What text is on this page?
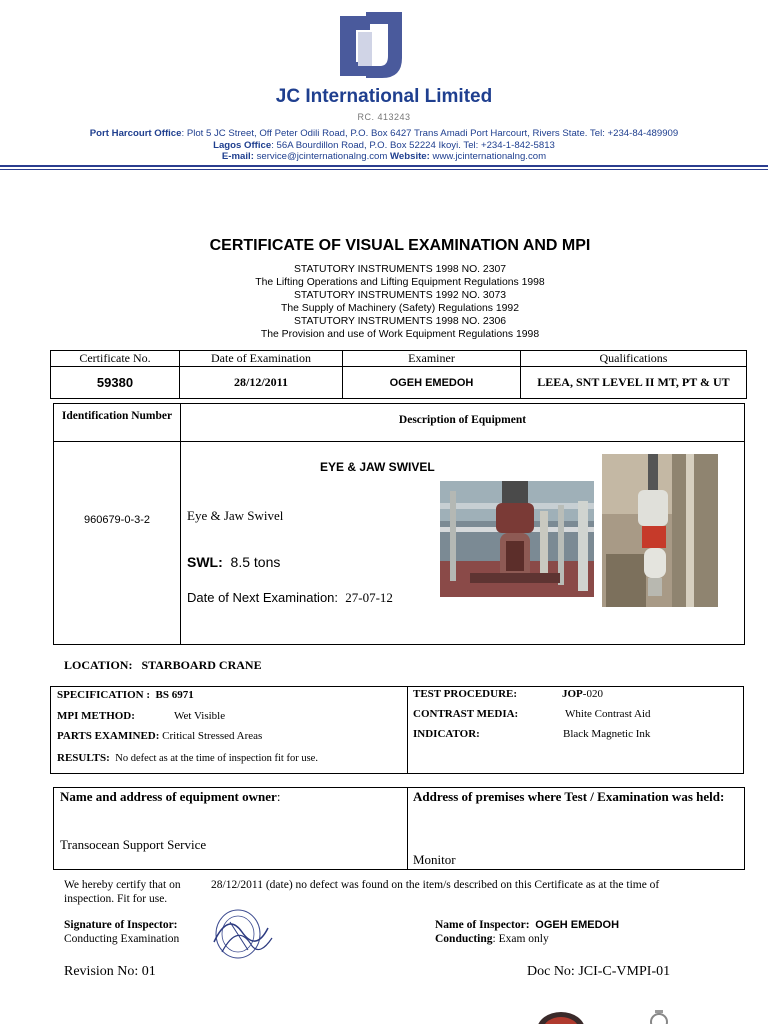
JC International Limited
RC. 413243
Port Harcourt Office: Plot 5 JC Street, Off Peter Odili Road, P.O. Box 6427 Trans Amadi Port Harcourt, Rivers State. Tel: +234-84-489909
Lagos Office: 56A Bourdillon Road, P.O. Box 52224 Ikoyi. Tel: +234-1-842-5813
E-mail: service@jcinternationalng.com Website: www.jcinternationalng.com
CERTIFICATE OF VISUAL EXAMINATION AND MPI
STATUTORY INSTRUMENTS 1998 NO. 2307
The Lifting Operations and Lifting Equipment Regulations 1998
STATUTORY INSTRUMENTS 1992 NO. 3073
The Supply of Machinery (Safety) Regulations 1992
STATUTORY INSTRUMENTS 1998 NO. 2306
The Provision and use of Work Equipment Regulations 1998
Certificate No.	Date of Examination	Examiner	Qualifications
59380	28/12/2011	OGEH EMEDOH	LEEA, SNT LEVEL II MT, PT & UT
Identification Number	Description of Equipment
960679-0-3-2
EYE & JAW SWIVEL
Eye & Jaw Swivel
SWL: 8.5 tons
Date of Next Examination: 27-07-12
LOCATION: STARBOARD CRANE
SPECIFICATION : BS 6971
MPI METHOD:	Wet Visible
PARTS EXAMINED: Critical Stressed Areas
RESULTS: No defect as at the time of inspection fit for use.
TEST PROCEDURE:	JOP-020
CONTRAST MEDIA:	White Contrast Aid
INDICATOR:	Black Magnetic Ink
Name and address of equipment owner:
Transocean Support Service
Address of premises where Test / Examination was held:
Monitor
We hereby certify that on	28/12/2011 (date) no defect was found on the item/s described on this Certificate as at the time of
inspection. Fit for use.
Signature of Inspector:
Conducting Examination
Name of Inspector: OGEH EMEDOH
Conducting: Exam only
Revision No: 01	Doc No: JCI-C-VMPI-01
